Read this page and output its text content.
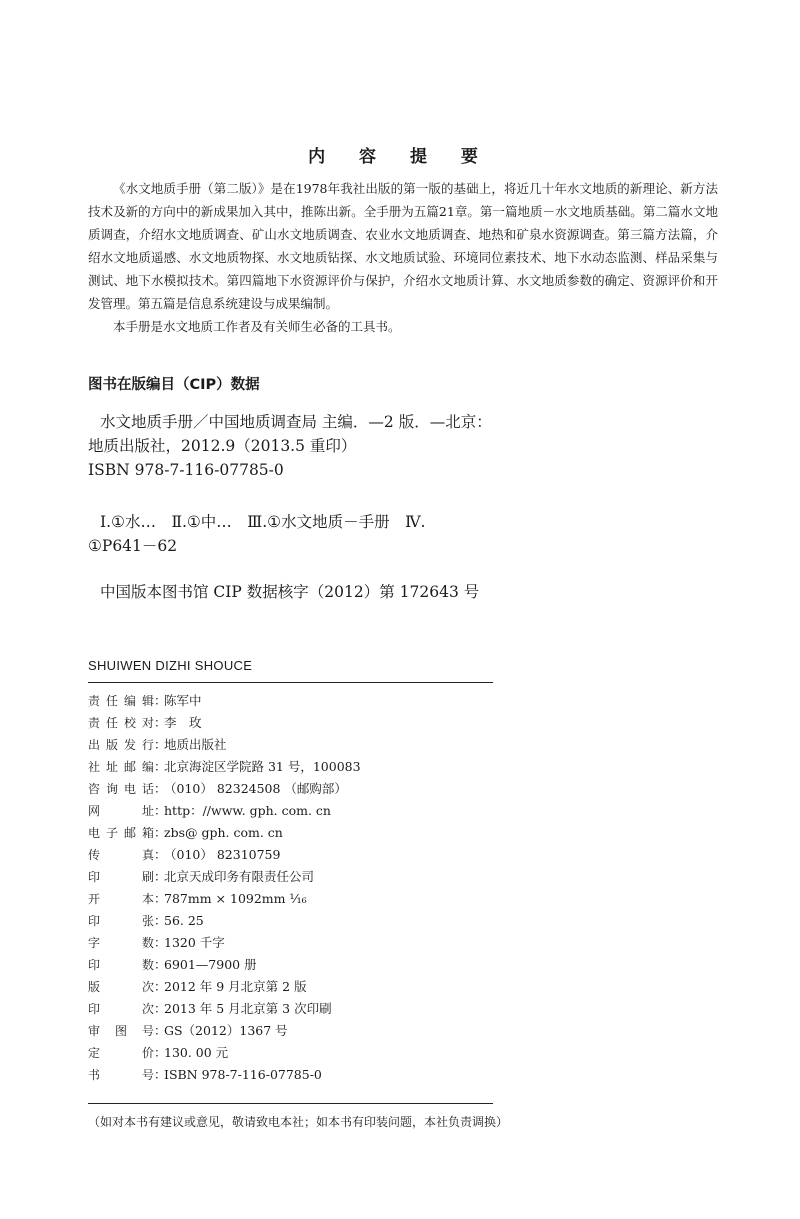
内 容 提 要

《水文地质手册（第二版）》是在1978年我社出版的第一版的基础上，将近几十年水文地质的新理论、新方法技术及新的方向中的新成果加入其中，推陈出新。全手册为五篇21章。第一篇地质－水文地质基础。第二篇水文地质调查，介绍水文地质调查、矿山水文地质调查、农业水文地质调查、地热和矿泉水资源调查。第三篇方法篇，介绍水文地质遥感、水文地质物探、水文地质钻探、水文地质试验、环境同位素技术、地下水动态监测、样品采集与测试、地下水模拟技术。第四篇地下水资源评价与保护，介绍水文地质计算、水文地质参数的确定、资源评价和开发管理。第五篇是信息系统建设与成果编制。

本手册是水文地质工作者及有关师生必备的工具书。

图书在版编目（CIP）数据
水文地质手册／中国地质调查局 主编．—2 版．—北京：
地质出版社，2012.9（2013.5 重印）
ISBN 978-7-116-07785-0
Ⅰ.①水…　Ⅱ.①中…　Ⅲ.①水文地质－手册　Ⅳ.
①P641－62
中国版本图书馆 CIP 数据核字（2012）第 172643 号
SHUIWEN DIZHI SHOUCE
责任编辑 ：
陈军中
责任校对 ：
李　玫
出版发行 ：
地质出版社
社址邮编 ：
北京海淀区学院路 31 号，100083
咨询电话 ：
（010） 82324508 （邮购部）
网　　址 ：
http：//www. gph. com. cn
电子邮箱 ：
zbs@ gph. com. cn
传　　真 ：
（010） 82310759
印　　刷 ：
北京天成印务有限责任公司
开　　本 ：
787mm × 1092mm ¹⁄₁₆
印　　张 ：
56. 25
字　　数 ：
1320 千字
印　　数 ：
6901—7900 册
版　　次 ：
2012 年 9 月北京第 2 版
印　　次 ：
2013 年 5 月北京第 3 次印刷
审 图 号 ：
GS（2012）1367 号
定　　价 ：
130. 00 元
书　　号 ：
ISBN 978-7-116-07785-0
（如对本书有建议或意见，敬请致电本社；如本书有印装问题，本社负责调换）
